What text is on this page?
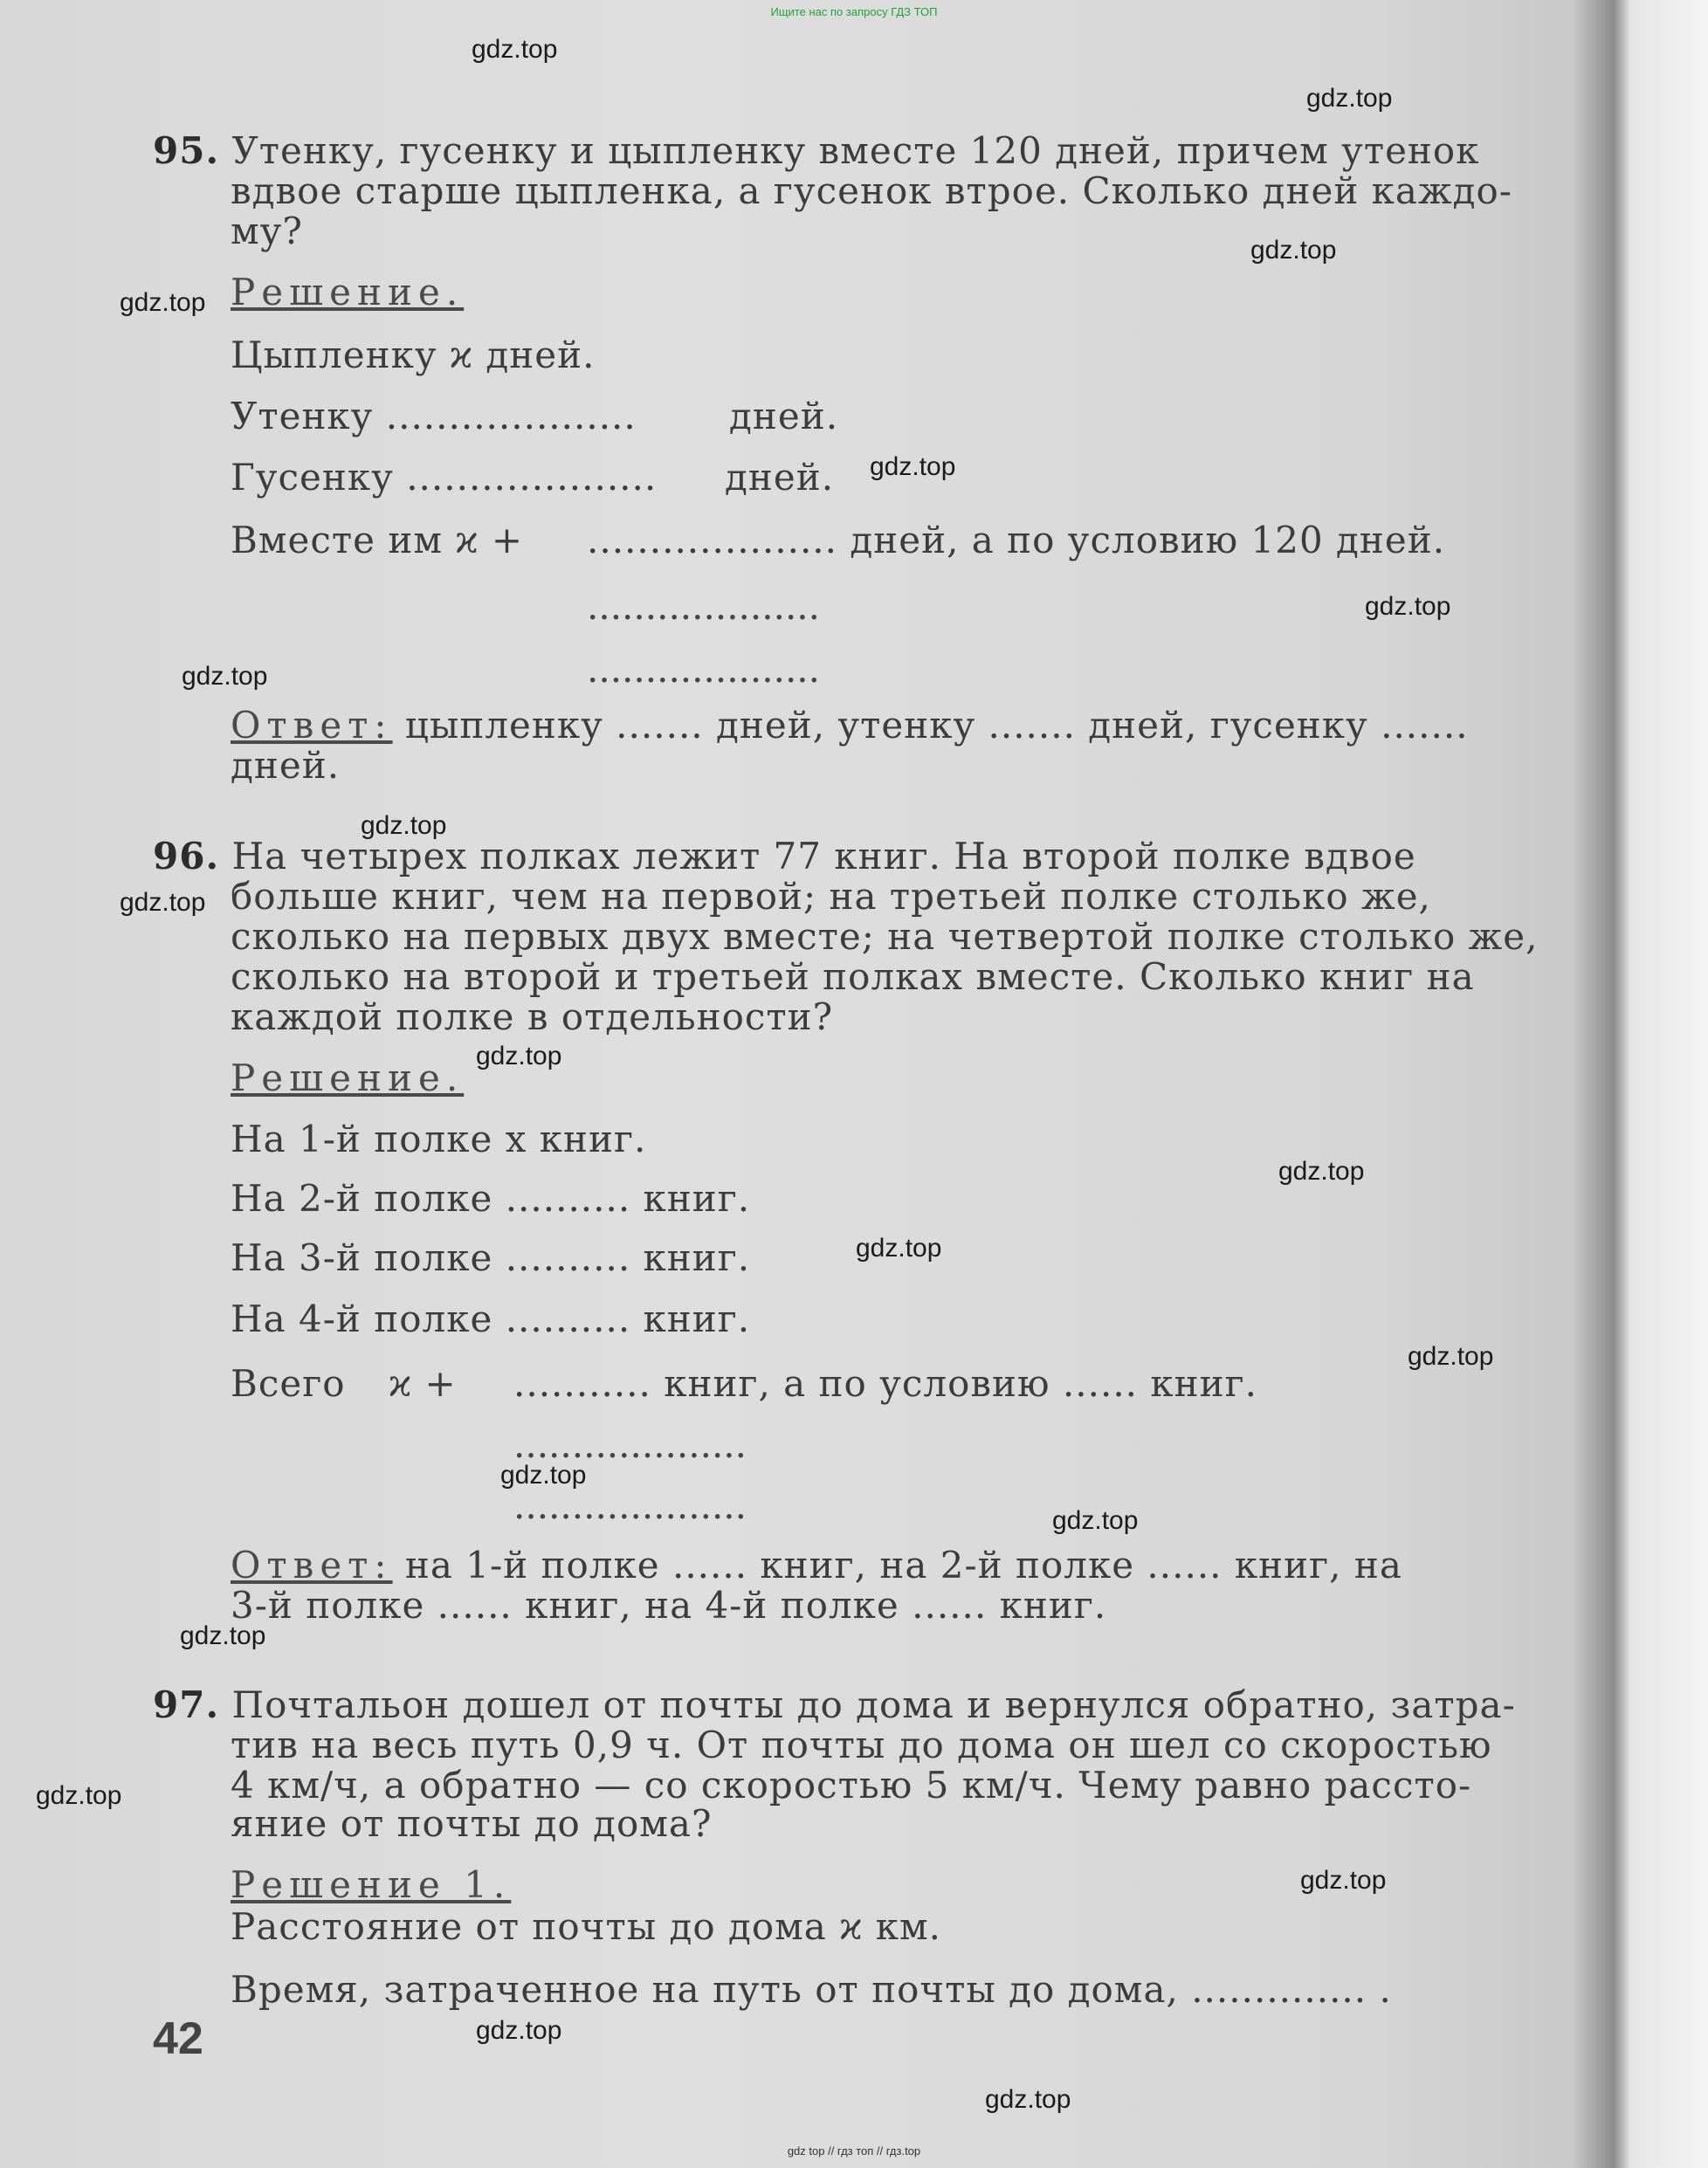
Ищите нас по запросу ГДЗ ТОП
95. Утенку, гусенку и цыпленку вместе 120 дней, причем утенок
вдвое старше цыпленка, а гусенок втрое. Сколько дней каждо-
му?
Решение.
Цыпленку ϰ дней.
Утенку ....................	дней.
Гусенку .................... дней.
Вместе им ϰ + .................... дней, а по условию 120 дней.
....................
....................
Ответ: цыпленку ....... дней, утенку ....... дней, гусенку .......
дней.
96. На четырех полках лежит 77 книг. На второй полке вдвое
больше книг, чем на первой; на третьей полке столько же,
сколько на первых двух вместе; на четвертой полке столько же,
сколько на второй и третьей полках вместе. Сколько книг на
каждой полке в отдельности?
Решение.
На 1-й полке x книг.
На 2-й полке .......... книг.
На 3-й полке .......... книг.
На 4-й полке .......... книг.
Всего ϰ + ........... книг, а по условию ...... книг.
....................
....................
Ответ: на 1-й полке ...... книг, на 2-й полке ...... книг, на
3-й полке ...... книг, на 4-й полке ...... книг.
97. Почтальон дошел от почты до дома и вернулся обратно, затра-
тив на весь путь 0,9 ч. От почты до дома он шел со скоростью
4 км/ч, а обратно — со скоростью 5 км/ч. Чему равно рассто-
яние от почты до дома?
Решение 1.
Расстояние от почты до дома ϰ км.
Время, затраченное на путь от почты до дома, .............. .
42
gdz.top
gdz.top
gdz.top
gdz.top
gdz.top
gdz.top
gdz.top
gdz.top
gdz.top
gdz.top
gdz.top
gdz.top
gdz.top
gdz.top
gdz.top
gdz.top
gdz.top
gdz.top
gdz.top
gdz.top
gdz top // гдз топ // гдз.top
